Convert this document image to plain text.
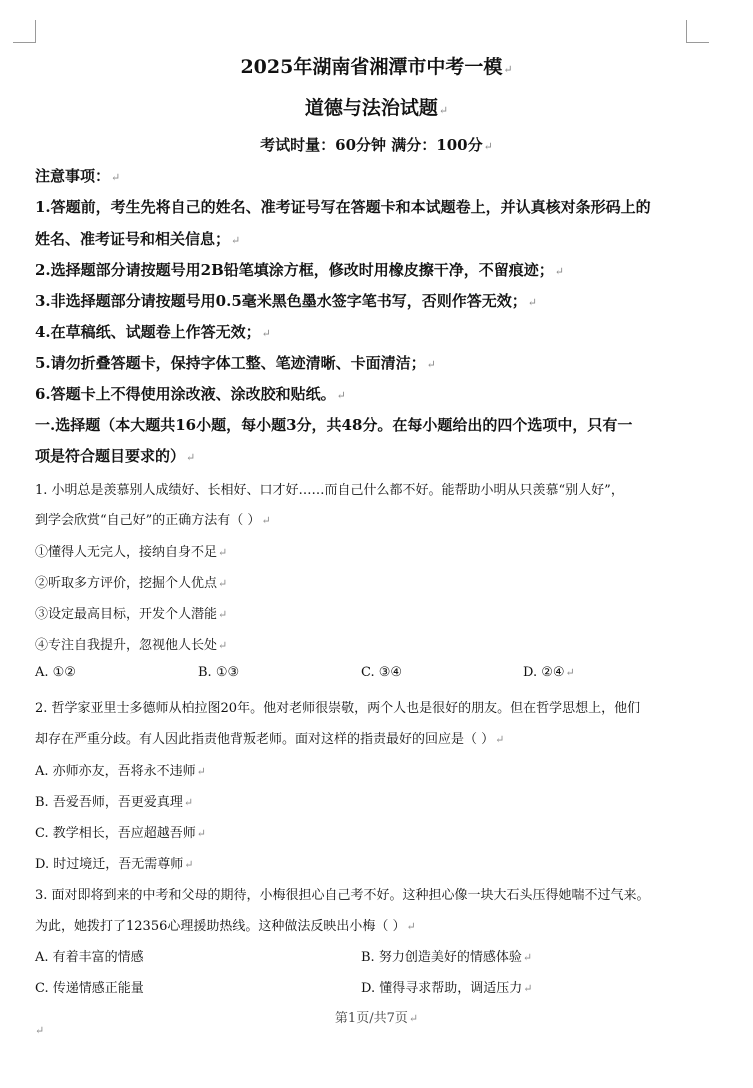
2025年湖南省湘潭市中考一模↵
道德与法治试题↵
考试时量：60分钟 满分：100分↵
注意事项：↵
1.答题前，考生先将自己的姓名、准考证号写在答题卡和本试题卷上，并认真核对条形码上的
姓名、准考证号和相关信息；↵
2.选择题部分请按题号用2B铅笔填涂方框，修改时用橡皮擦干净，不留痕迹；↵
3.非选择题部分请按题号用0.5毫米黑色墨水签字笔书写，否则作答无效；↵
4.在草稿纸、试题卷上作答无效；↵
5.请勿折叠答题卡，保持字体工整、笔迹清晰、卡面清洁；↵
6.答题卡上不得使用涂改液、涂改胶和贴纸。↵
一.选择题（本大题共16小题，每小题3分，共48分。在每小题给出的四个选项中，只有一
项是符合题目要求的）↵
1. 小明总是羡慕别人成绩好、长相好、口才好……而自己什么都不好。能帮助小明从只羡慕“别人好”，
到学会欣赏“自己好”的正确方法有（ ）↵
①懂得人无完人，接纳自身不足↵
②听取多方评价，挖掘个人优点↵
③设定最高目标，开发个人潜能↵
④专注自我提升，忽视他人长处↵
A. ①②	B. ①③	C. ③④	D. ②④↵
2. 哲学家亚里士多德师从柏拉图20年。他对老师很崇敬，两个人也是很好的朋友。但在哲学思想上，他们
却存在严重分歧。有人因此指责他背叛老师。面对这样的指责最好的回应是（ ）↵
A. 亦师亦友，吾将永不违师↵
B. 吾爱吾师，吾更爱真理↵
C. 教学相长，吾应超越吾师↵
D. 时过境迁，吾无需尊师↵
3. 面对即将到来的中考和父母的期待，小梅很担心自己考不好。这种担心像一块大石头压得她喘不过气来。
为此，她拨打了12356心理援助热线。这种做法反映出小梅（ ）↵
A. 有着丰富的情感	B. 努力创造美好的情感体验↵
C. 传递情感正能量	D. 懂得寻求帮助，调适压力↵
第1页/共7页↵
↵
